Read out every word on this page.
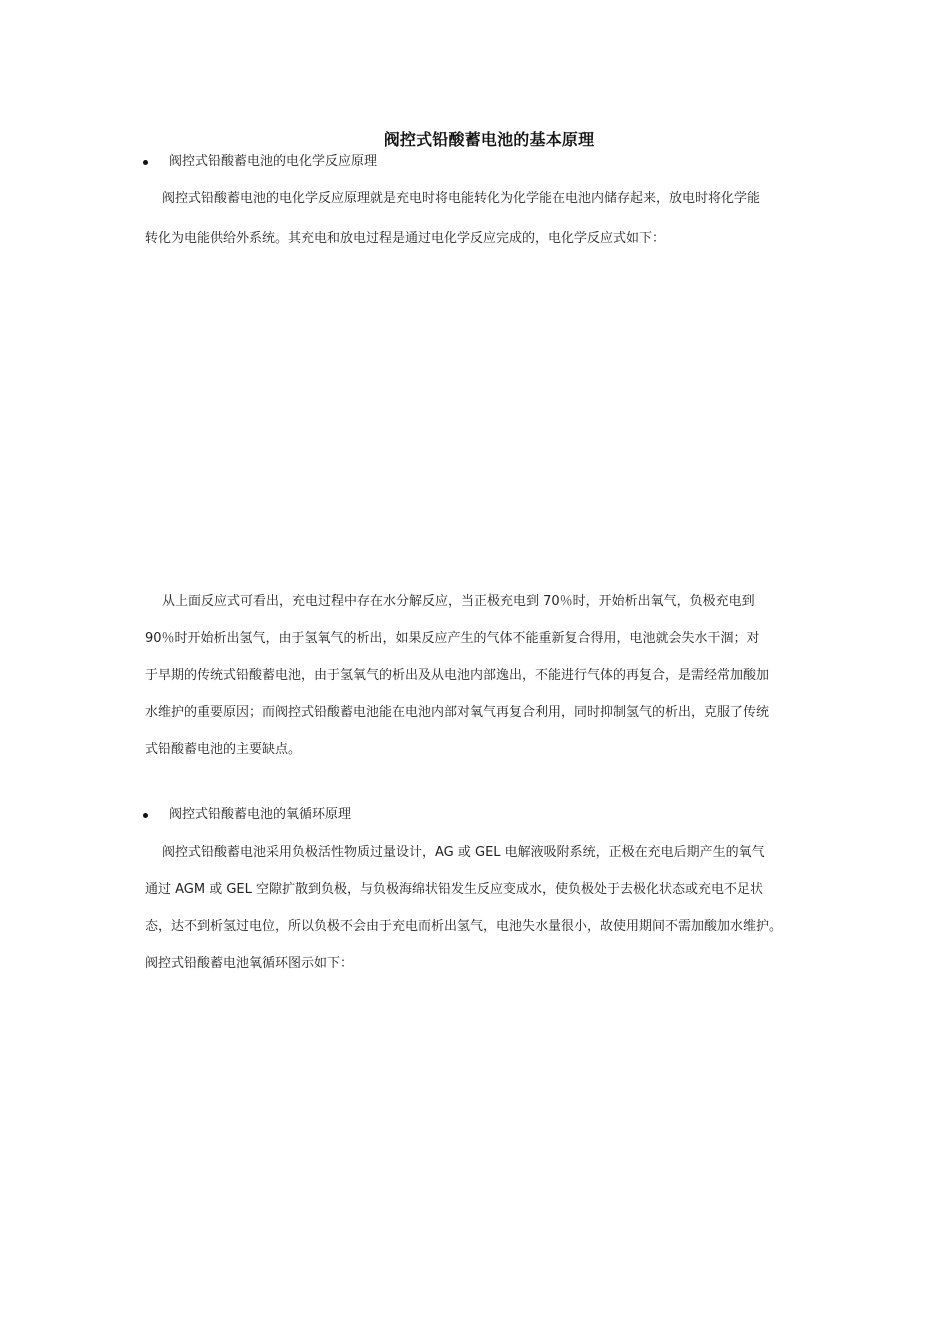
阀控式铅酸蓄电池的基本原理
阀控式铅酸蓄电池的电化学反应原理
阀控式铅酸蓄电池的电化学反应原理就是充电时将电能转化为化学能在电池内储存起来，放电时将化学能
转化为电能供给外系统。其充电和放电过程是通过电化学反应完成的，电化学反应式如下：
从上面反应式可看出，充电过程中存在水分解反应，当正极充电到 70％时，开始析出氧气，负极充电到
90％时开始析出氢气，由于氢氧气的析出，如果反应产生的气体不能重新复合得用，电池就会失水干涸；对
于早期的传统式铅酸蓄电池，由于氢氧气的析出及从电池内部逸出，不能进行气体的再复合，是需经常加酸加
水维护的重要原因；而阀控式铅酸蓄电池能在电池内部对氧气再复合利用，同时抑制氢气的析出，克服了传统
式铅酸蓄电池的主要缺点。
阀控式铅酸蓄电池的氧循环原理
阀控式铅酸蓄电池采用负极活性物质过量设计，AG 或 GEL 电解液吸附系统，正极在充电后期产生的氧气
通过 AGM 或 GEL 空隙扩散到负极，与负极海绵状铅发生反应变成水，使负极处于去极化状态或充电不足状
态，达不到析氢过电位，所以负极不会由于充电而析出氢气，电池失水量很小，故使用期间不需加酸加水维护。
阀控式铅酸蓄电池氧循环图示如下：
